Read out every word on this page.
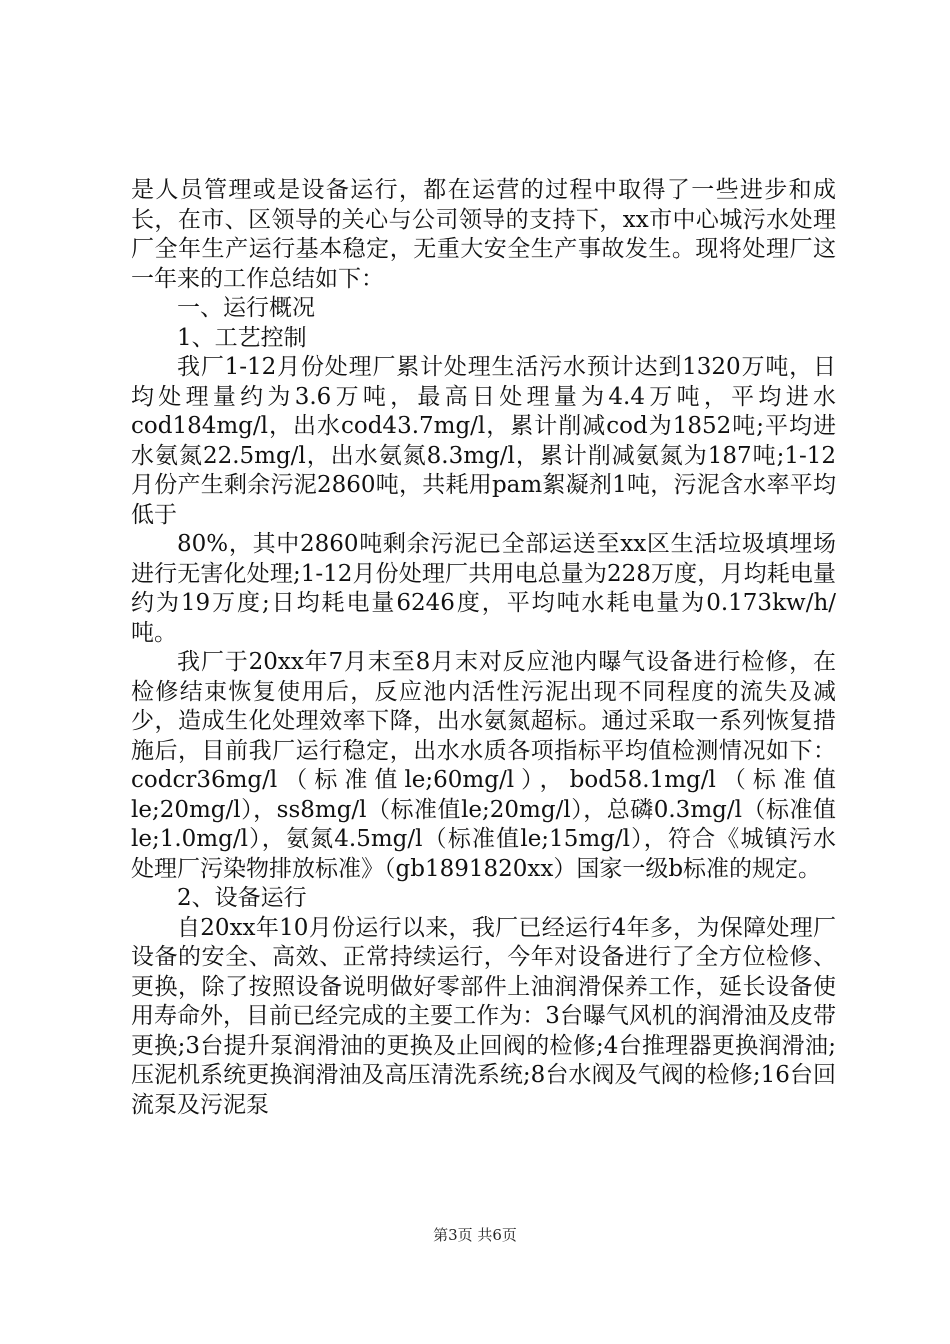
是人员管理或是设备运行，都在运营的过程中取得了一些进步和成长，在市、区领导的关心与公司领导的支持下，xx市中心城污水处理厂全年生产运行基本稳定，无重大安全生产事故发生。现将处理厂这一年来的工作总结如下：

一、运行概况

1、工艺控制

我厂1-12月份处理厂累计处理生活污水预计达到1320万吨，日均处理量约为3.6万吨，最高日处理量为4.4万吨，平均进水cod184mg/l，出水cod43.7mg/l，累计削减cod为1852吨;平均进水氨氮22.5mg/l，出水氨氮8.3mg/l，累计削减氨氮为187吨;1-12月份产生剩余污泥2860吨，共耗用pam絮凝剂1吨，污泥含水率平均低于

80%，其中2860吨剩余污泥已全部运送至xx区生活垃圾填埋场进行无害化处理;1-12月份处理厂共用电总量为228万度，月均耗电量约为19万度;日均耗电量6246度，平均吨水耗电量为0.173kw/h/吨。

我厂于20xx年7月末至8月末对反应池内曝气设备进行检修，在检修结束恢复使用后，反应池内活性污泥出现不同程度的流失及减少，造成生化处理效率下降，出水氨氮超标。通过采取一系列恢复措施后，目前我厂运行稳定，出水水质各项指标平均值检测情况如下：codcr36mg/l（标准值le;60mg/l），bod58.1mg/l（标准值le;20mg/l），ss8mg/l（标准值le;20mg/l），总磷0.3mg/l（标准值le;1.0mg/l），氨氮4.5mg/l（标准值le;15mg/l），符合《城镇污水处理厂污染物排放标准》（gb1891820xx）国家一级b标准的规定。

2、设备运行

自20xx年10月份运行以来，我厂已经运行4年多，为保障处理厂设备的安全、高效、正常持续运行，今年对设备进行了全方位检修、更换，除了按照设备说明做好零部件上油润滑保养工作，延长设备使用寿命外，目前已经完成的主要工作为：3台曝气风机的润滑油及皮带更换;3台提升泵润滑油的更换及止回阀的检修;4台推理器更换润滑油;压泥机系统更换润滑油及高压清洗系统;8台水阀及气阀的检修;16台回流泵及污泥泵

第3页 共6页
